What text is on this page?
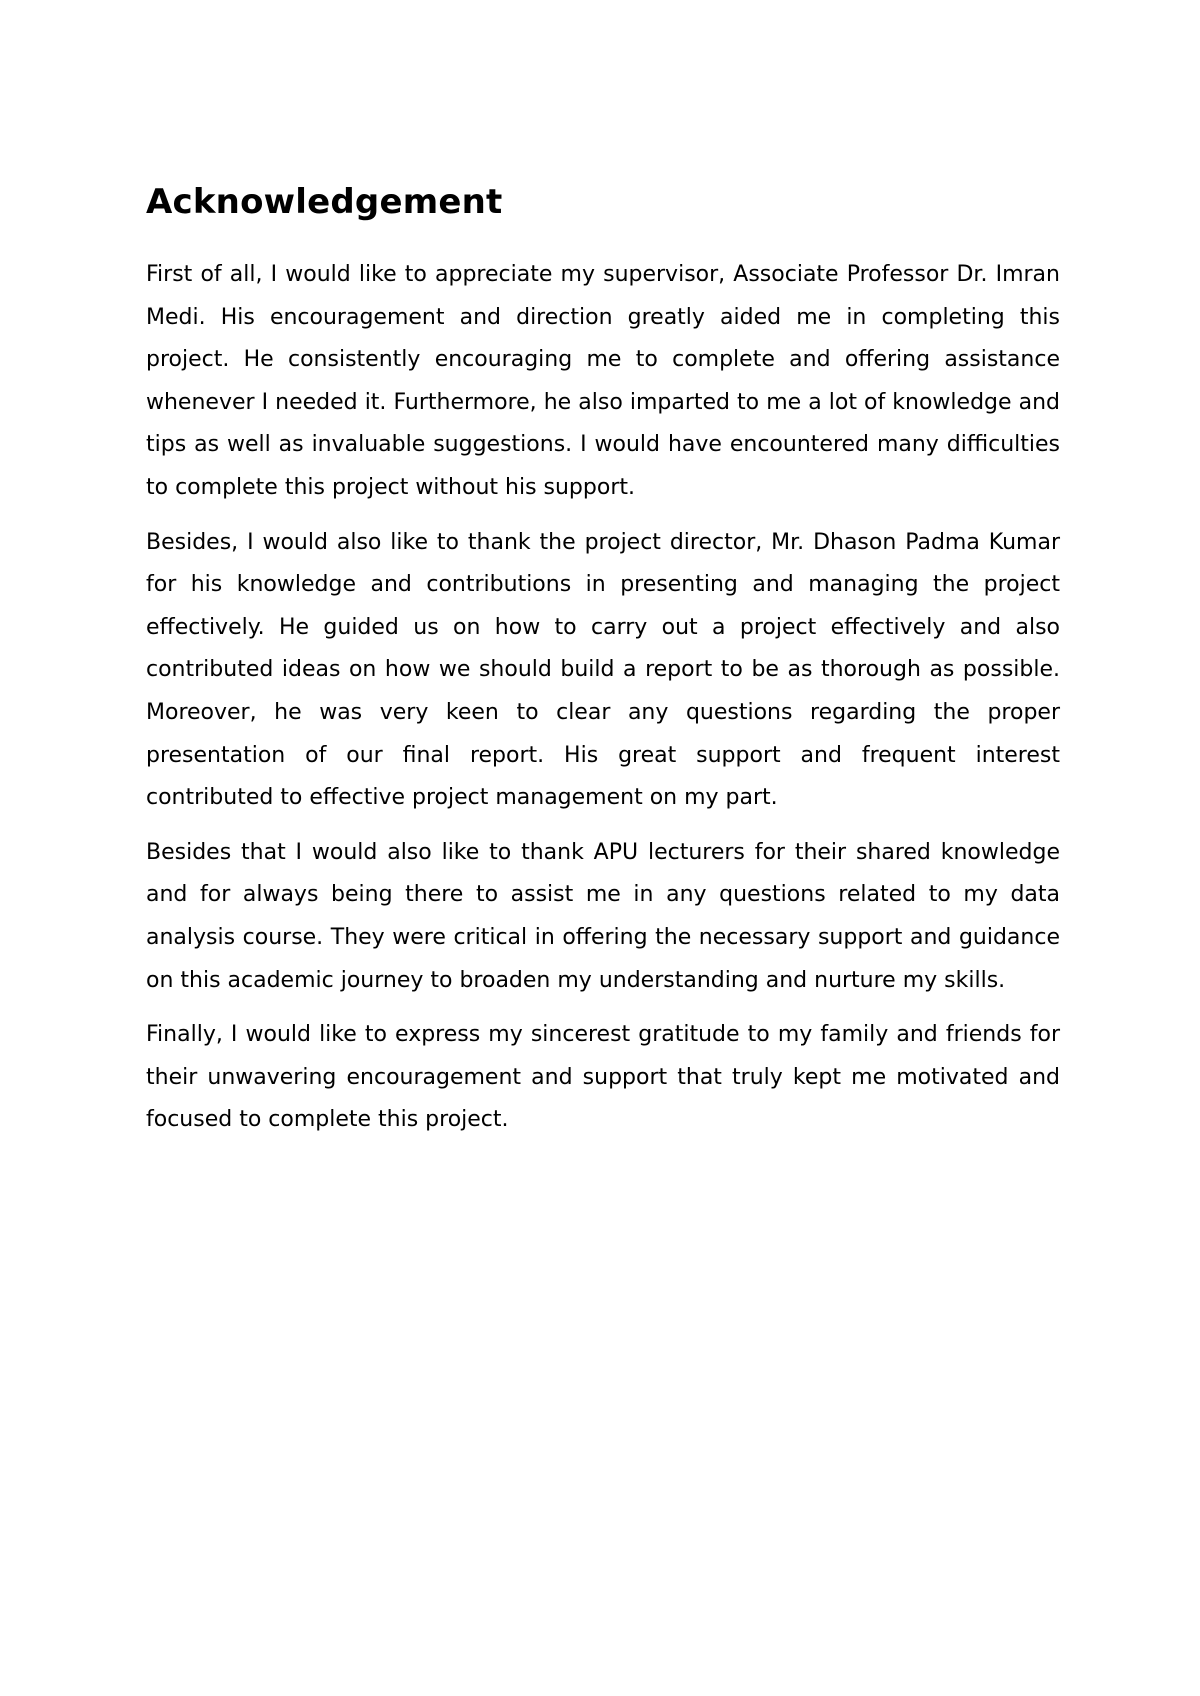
Acknowledgement

First of all, I would like to appreciate my supervisor, Associate Professor Dr. Imran Medi. His encouragement and direction greatly aided me in completing this project. He consistently encouraging me to complete and offering assistance whenever I needed it. Furthermore, he also imparted to me a lot of knowledge and tips as well as invaluable suggestions. I would have encountered many difficulties to complete this project without his support.

Besides, I would also like to thank the project director, Mr. Dhason Padma Kumar for his knowledge and contributions in presenting and managing the project effectively. He guided us on how to carry out a project effectively and also contributed ideas on how we should build a report to be as thorough as possible. Moreover, he was very keen to clear any questions regarding the proper presentation of our final report. His great support and frequent interest contributed to effective project management on my part.

Besides that I would also like to thank APU lecturers for their shared knowledge and for always being there to assist me in any questions related to my data analysis course. They were critical in offering the necessary support and guidance on this academic journey to broaden my understanding and nurture my skills.

Finally, I would like to express my sincerest gratitude to my family and friends for their unwavering encouragement and support that truly kept me motivated and focused to complete this project.
